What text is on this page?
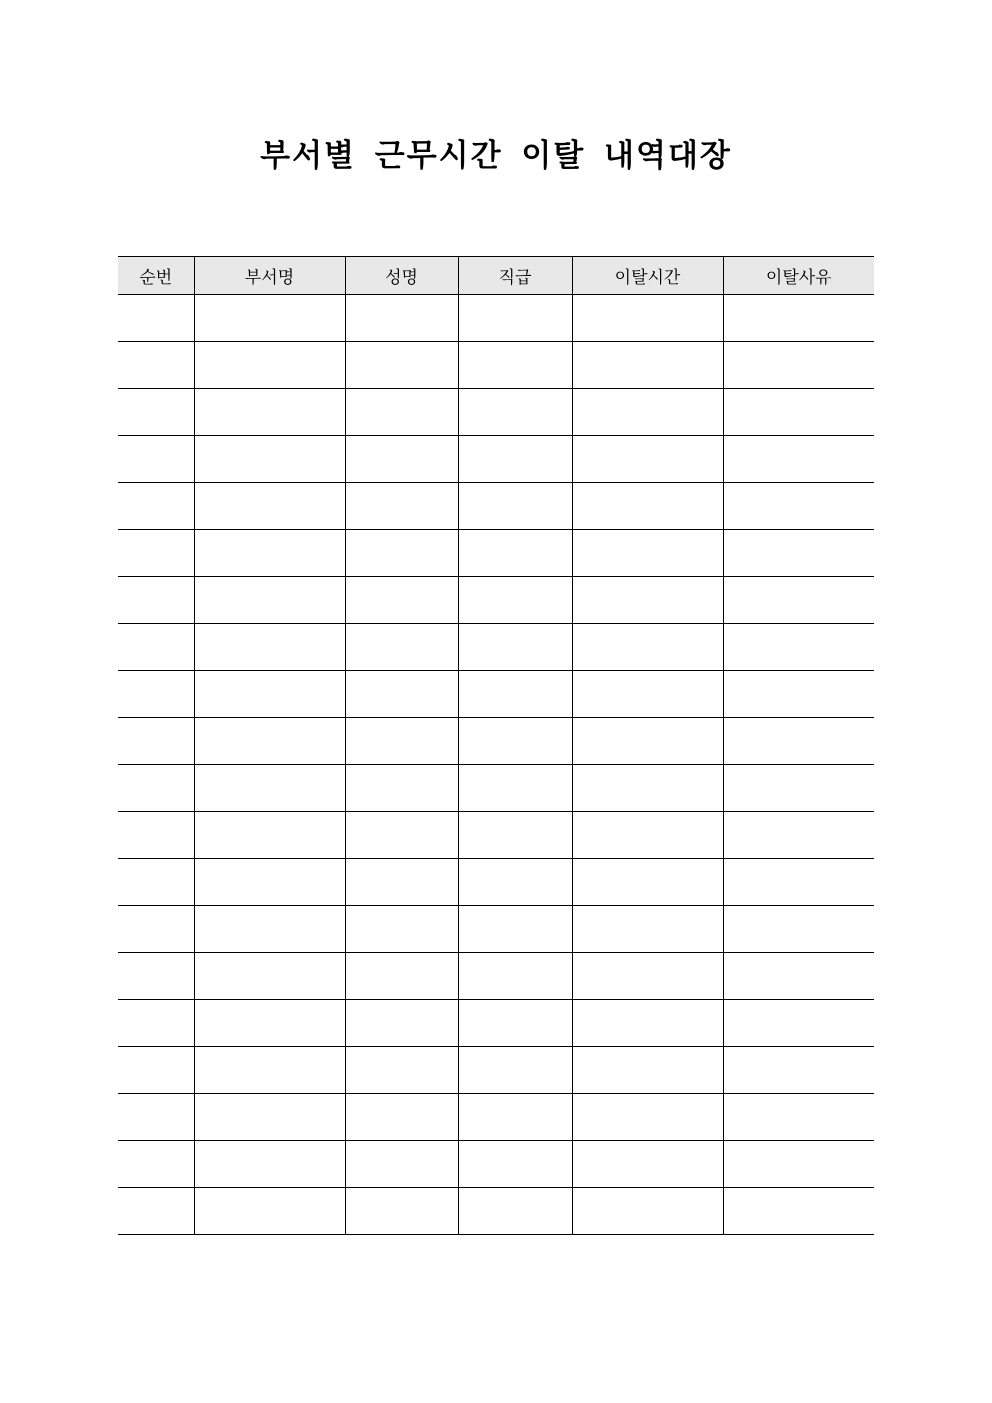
부서별 근무시간 이탈 내역대장
순번	부서명	성명	직급	이탈시간	이탈사유
